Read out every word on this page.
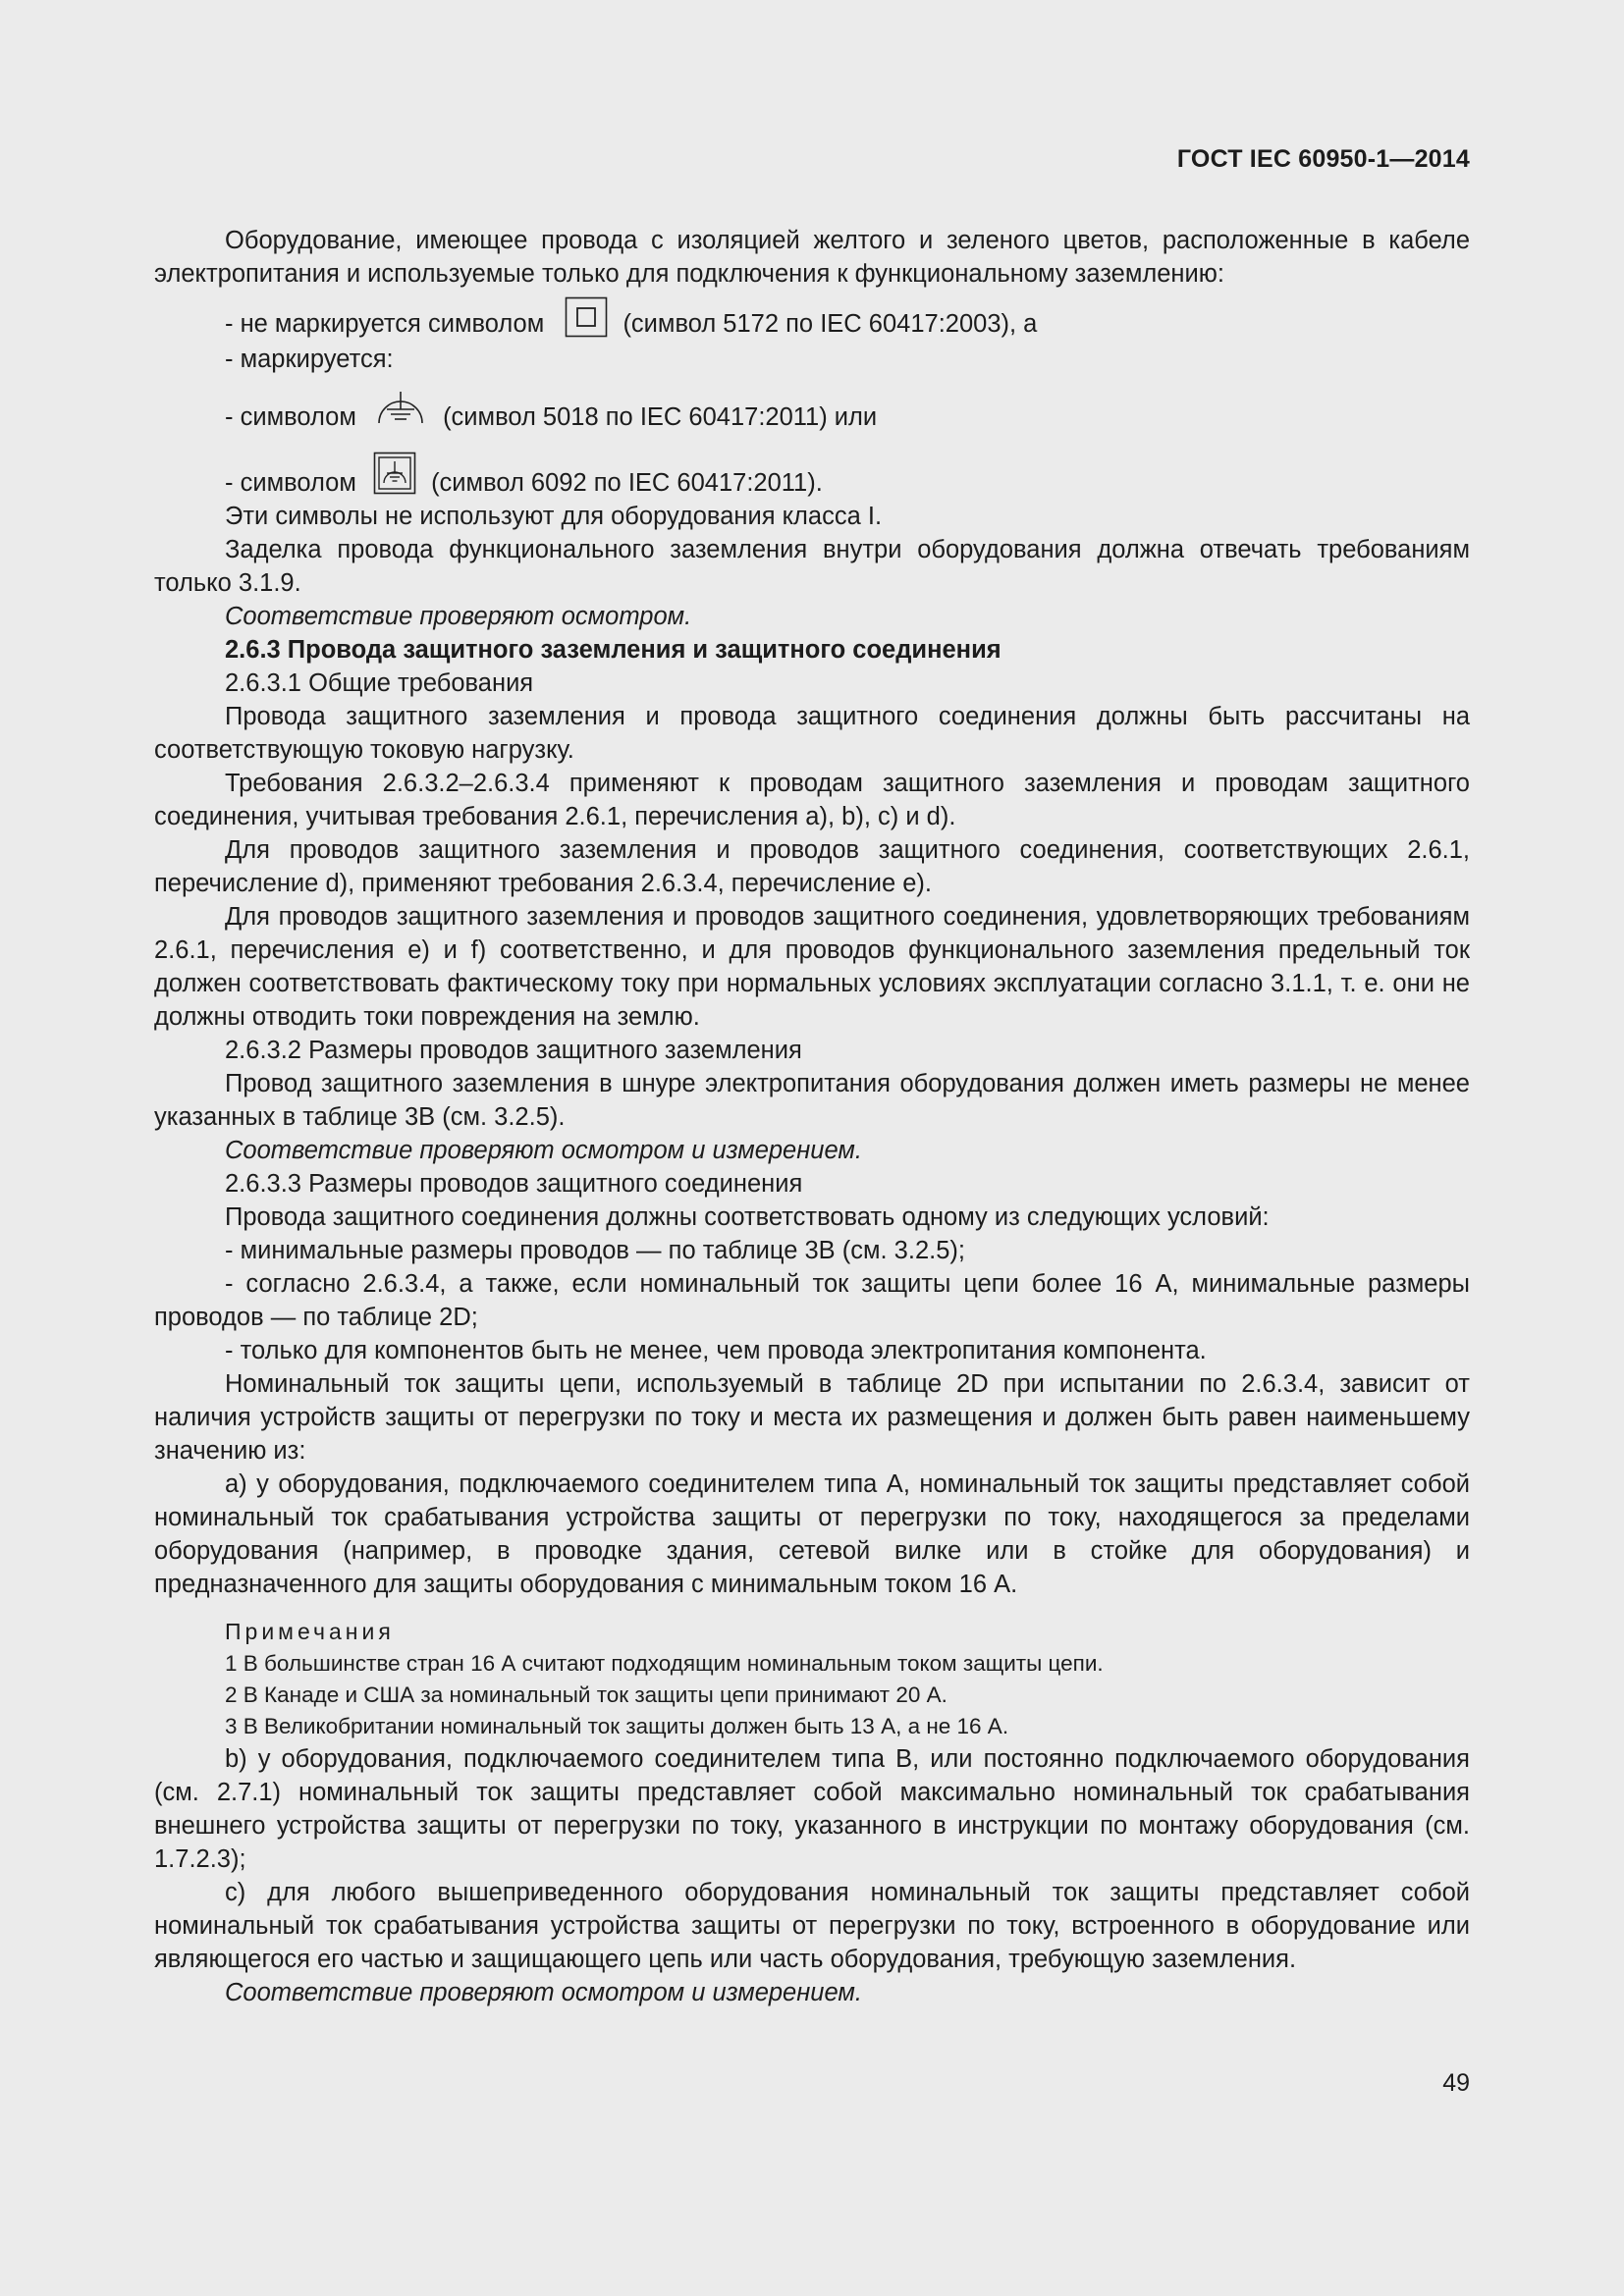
ГОСТ IEC 60950-1—2014

Оборудование, имеющее провода с изоляцией желтого и зеленого цветов, расположенные в кабеле электропитания и используемые только для подключения к функциональному заземлению:

- не маркируется символом	(символ 5172 по IEC 60417:2003), а

- маркируется:

- символом	(символ 5018 по IEC 60417:2011) или

- символом	(символ 6092 по IEC 60417:2011).

Эти символы не используют для оборудования класса I.

Заделка провода функционального заземления внутри оборудования должна отвечать требованиям только 3.1.9.

Соответствие проверяют осмотром.

2.6.3 Провода защитного заземления и защитного соединения

2.6.3.1 Общие требования

Провода защитного заземления и провода защитного соединения должны быть рассчитаны на соответствующую токовую нагрузку.

Требования 2.6.3.2–2.6.3.4 применяют к проводам защитного заземления и проводам защитного соединения, учитывая требования 2.6.1, перечисления a), b), c) и d).

Для проводов защитного заземления и проводов защитного соединения, соответствующих 2.6.1, перечисление d), применяют требования 2.6.3.4, перечисление e).

Для проводов защитного заземления и проводов защитного соединения, удовлетворяющих требованиям 2.6.1, перечисления e) и f) соответственно, и для проводов функционального заземления предельный ток должен соответствовать фактическому току при нормальных условиях эксплуатации согласно 3.1.1, т. е. они не должны отводить токи повреждения на землю.

2.6.3.2 Размеры проводов защитного заземления

Провод защитного заземления в шнуре электропитания оборудования должен иметь размеры не менее указанных в таблице 3В (см. 3.2.5).

Соответствие проверяют осмотром и измерением.

2.6.3.3 Размеры проводов защитного соединения

Провода защитного соединения должны соответствовать одному из следующих условий:

- минимальные размеры проводов — по таблице 3В (см. 3.2.5);

- согласно 2.6.3.4, а также, если номинальный ток защиты цепи более 16 А, минимальные размеры проводов — по таблице 2D;

- только для компонентов быть не менее, чем провода электропитания компонента.

Номинальный ток защиты цепи, используемый в таблице 2D при испытании по 2.6.3.4, зависит от наличия устройств защиты от перегрузки по току и места их размещения и должен быть равен наименьшему значению из:

a) у оборудования, подключаемого соединителем типа A, номинальный ток защиты представляет собой номинальный ток срабатывания устройства защиты от перегрузки по току, находящегося за пределами оборудования (например, в проводке здания, сетевой вилке или в стойке для оборудования) и предназначенного для защиты оборудования с минимальным током 16 А.

Примечания

1 В большинстве стран 16 А считают подходящим номинальным током защиты цепи.

2 В Канаде и США за номинальный ток защиты цепи принимают 20 А.

3 В Великобритании номинальный ток защиты должен быть 13 А, а не 16 А.

b) у оборудования, подключаемого соединителем типа B, или постоянно подключаемого оборудования (см. 2.7.1) номинальный ток защиты представляет собой максимально номинальный ток срабатывания внешнего устройства защиты от перегрузки по току, указанного в инструкции по монтажу оборудования (см. 1.7.2.3);

c) для любого вышеприведенного оборудования номинальный ток защиты представляет собой номинальный ток срабатывания устройства защиты от перегрузки по току, встроенного в оборудование или являющегося его частью и защищающего цепь или часть оборудования, требующую заземления.

Соответствие проверяют осмотром и измерением.

49
